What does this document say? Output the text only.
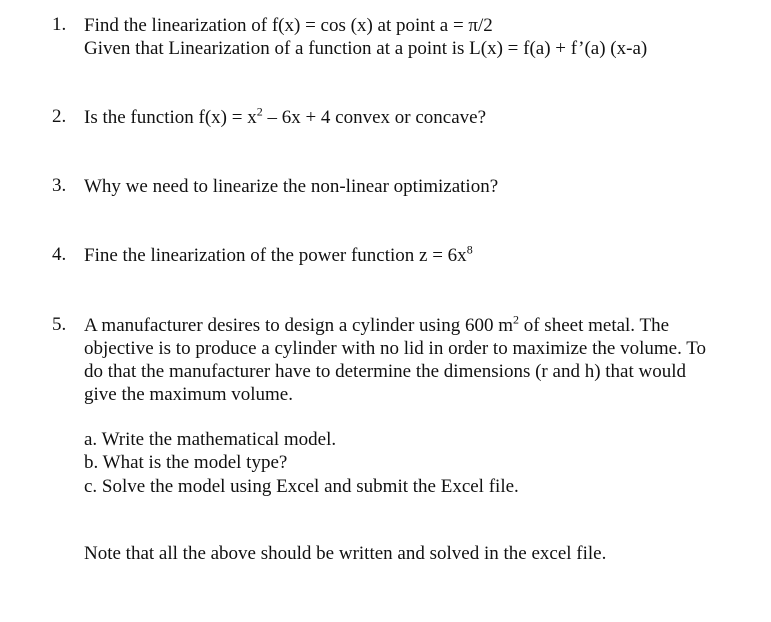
1. Find the linearization of f(x) = cos (x) at point a = π/2
Given that Linearization of a function at a point is L(x) = f(a) + f’(a) (x-a)
2. Is the function $f(x) = x^2 - 6x + 4$ convex or concave?
3. Why we need to linearize the non-linear optimization?
4. Fine the linearization of the power function $z = 6x^8$
5. A manufacturer desires to design a cylinder using 600 $m^2$ of sheet metal. The
objective is to produce a cylinder with no lid in order to maximize the volume. To
do that the manufacturer have to determine the dimensions (r and h) that would
give the maximum volume.
a. Write the mathematical model.
b. What is the model type?
c. Solve the model using Excel and submit the Excel file.
Note that all the above should be written and solved in the excel file.
